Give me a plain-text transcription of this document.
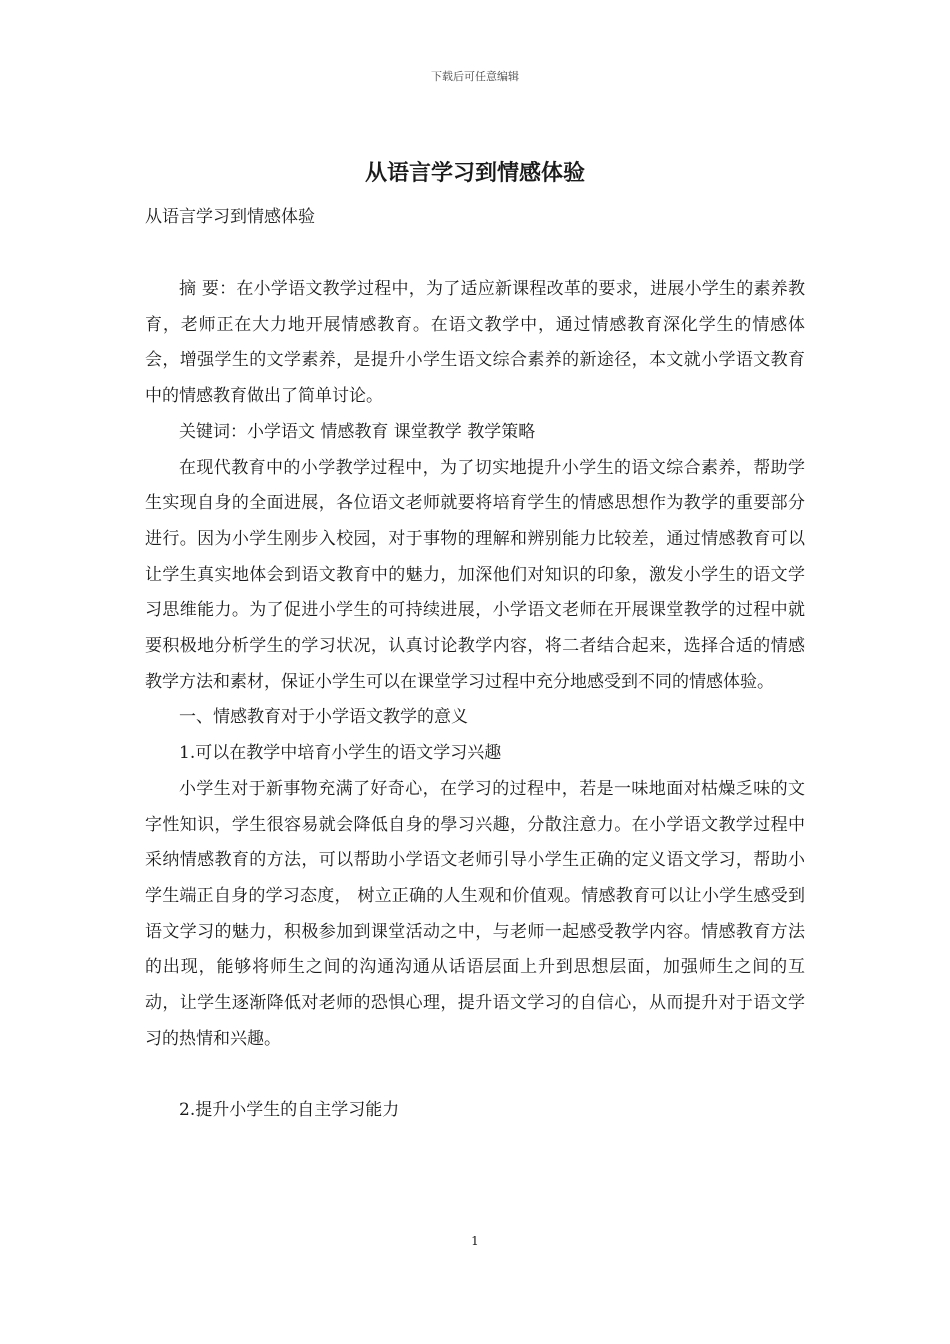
下载后可任意编辑
从语言学习到情感体验

从语言学习到情感体验

摘 要：在小学语文教学过程中，为了适应新课程改革的要求，进展小学生的素养教育，老师正在大力地开展情感教育。在语文教学中，通过情感教育深化学生的情感体会，增强学生的文学素养，是提升小学生语文综合素养的新途径，本文就小学语文教育中的情感教育做出了简单讨论。

关键词：小学语文 情感教育 课堂教学 教学策略

在现代教育中的小学教学过程中，为了切实地提升小学生的语文综合素养，帮助学生实现自身的全面进展，各位语文老师就要将培育学生的情感思想作为教学的重要部分进行。因为小学生刚步入校园，对于事物的理解和辨别能力比较差，通过情感教育可以让学生真实地体会到语文教育中的魅力，加深他们对知识的印象，激发小学生的语文学习思维能力。为了促进小学生的可持续进展，小学语文老师在开展课堂教学的过程中就要积极地分析学生的学习状况，认真讨论教学内容，将二者结合起来，选择合适的情感教学方法和素材，保证小学生可以在课堂学习过程中充分地感受到不同的情感体验。

一、情感教育对于小学语文教学的意义

1.可以在教学中培育小学生的语文学习兴趣

小学生对于新事物充满了好奇心，在学习的过程中，若是一味地面对枯燥乏味的文字性知识，学生很容易就会降低自身的學习兴趣，分散注意力。在小学语文教学过程中采纳情感教育的方法，可以帮助小学语文老师引导小学生正确的定义语文学习，帮助小学生端正自身的学习态度， 树立正确的人生观和价值观。情感教育可以让小学生感受到语文学习的魅力，积极参加到课堂活动之中，与老师一起感受教学内容。情感教育方法的出现，能够将师生之间的沟通沟通从话语层面上升到思想层面，加强师生之间的互动，让学生逐渐降低对老师的恐惧心理，提升语文学习的自信心，从而提升对于语文学习的热情和兴趣。

2.提升小学生的自主学习能力

1
